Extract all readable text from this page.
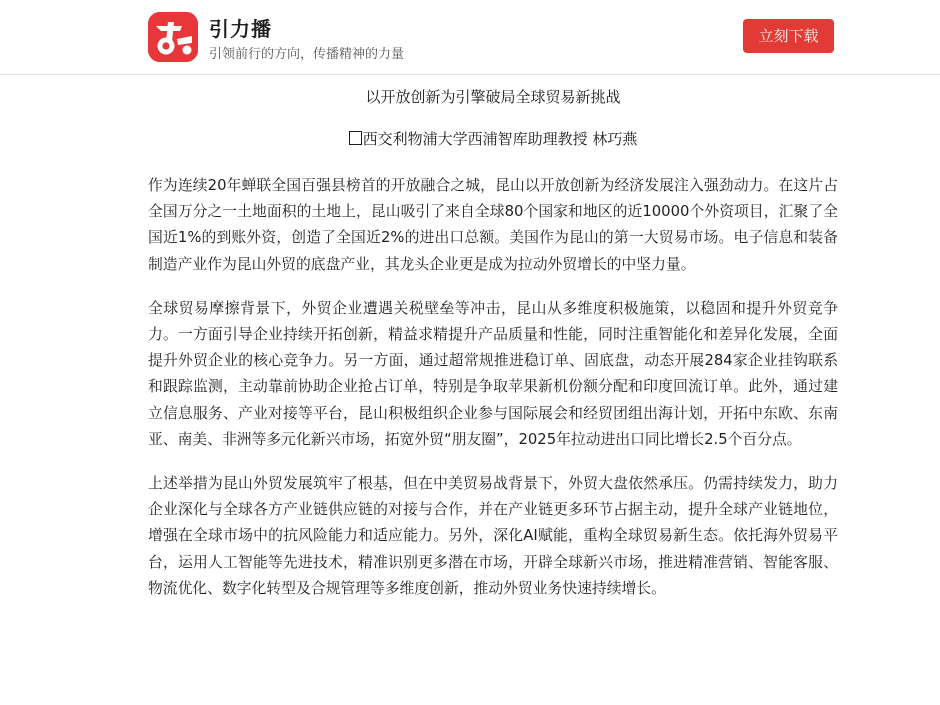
引力播
引领前行的方向，传播精神的力量
立刻下载
以开放创新为引擎破局全球贸易新挑战
西交利物浦大学西浦智库助理教授 林巧燕

作为连续20年蝉联全国百强县榜首的开放融合之城，昆山以开放创新为经济发展注入强劲动力。在这片占全国万分之一土地面积的土地上，昆山吸引了来自全球80个国家和地区的近10000个外资项目，汇聚了全国近1%的到账外资，创造了全国近2%的进出口总额。美国作为昆山的第一大贸易市场。电子信息和装备制造产业作为昆山外贸的底盘产业，其龙头企业更是成为拉动外贸增长的中坚力量。

全球贸易摩擦背景下，外贸企业遭遇关税壁垒等冲击，昆山从多维度积极施策，以稳固和提升外贸竞争力。一方面引导企业持续开拓创新，精益求精提升产品质量和性能，同时注重智能化和差异化发展，全面提升外贸企业的核心竞争力。另一方面，通过超常规推进稳订单、固底盘，动态开展284家企业挂钩联系和跟踪监测，主动靠前协助企业抢占订单，特别是争取苹果新机份额分配和印度回流订单。此外，通过建立信息服务、产业对接等平台，昆山积极组织企业参与国际展会和经贸团组出海计划，开拓中东欧、东南亚、南美、非洲等多元化新兴市场，拓宽外贸“朋友圈”，2025年拉动进出口同比增长2.5个百分点。

上述举措为昆山外贸发展筑牢了根基，但在中美贸易战背景下，外贸大盘依然承压。仍需持续发力，助力企业深化与全球各方产业链供应链的对接与合作，并在产业链更多环节占据主动，提升全球产业链地位，增强在全球市场中的抗风险能力和适应能力。另外，深化AI赋能，重构全球贸易新生态。依托海外贸易平台，运用人工智能等先进技术，精准识别更多潜在市场，开辟全球新兴市场，推进精准营销、智能客服、物流优化、数字化转型及合规管理等多维度创新，推动外贸业务快速持续增长。
